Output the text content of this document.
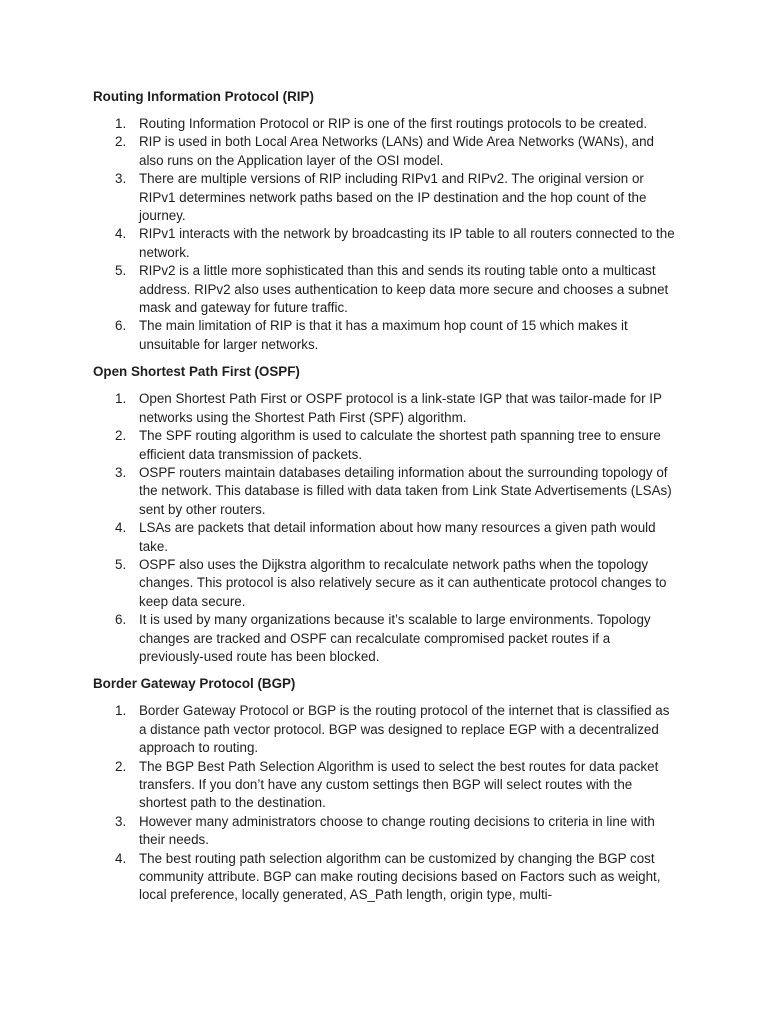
Routing Information Protocol (RIP)
1. Routing Information Protocol or RIP is one of the first routings protocols to be created.
2. RIP is used in both Local Area Networks (LANs) and Wide Area Networks (WANs), and also runs on the Application layer of the OSI model.
3. There are multiple versions of RIP including RIPv1 and RIPv2. The original version or RIPv1 determines network paths based on the IP destination and the hop count of the journey.
4. RIPv1 interacts with the network by broadcasting its IP table to all routers connected to the network.
5. RIPv2 is a little more sophisticated than this and sends its routing table onto a multicast address. RIPv2 also uses authentication to keep data more secure and chooses a subnet mask and gateway for future traffic.
6. The main limitation of RIP is that it has a maximum hop count of 15 which makes it unsuitable for larger networks.
Open Shortest Path First (OSPF)
1. Open Shortest Path First or OSPF protocol is a link-state IGP that was tailor-made for IP networks using the Shortest Path First (SPF) algorithm.
2. The SPF routing algorithm is used to calculate the shortest path spanning tree to ensure efficient data transmission of packets.
3. OSPF routers maintain databases detailing information about the surrounding topology of the network. This database is filled with data taken from Link State Advertisements (LSAs) sent by other routers.
4. LSAs are packets that detail information about how many resources a given path would take.
5. OSPF also uses the Dijkstra algorithm to recalculate network paths when the topology changes. This protocol is also relatively secure as it can authenticate protocol changes to keep data secure.
6. It is used by many organizations because it’s scalable to large environments. Topology changes are tracked and OSPF can recalculate compromised packet routes if a previously-used route has been blocked.
Border Gateway Protocol (BGP)
1. Border Gateway Protocol or BGP is the routing protocol of the internet that is classified as a distance path vector protocol. BGP was designed to replace EGP with a decentralized approach to routing.
2. The BGP Best Path Selection Algorithm is used to select the best routes for data packet transfers. If you don’t have any custom settings then BGP will select routes with the shortest path to the destination.
3. However many administrators choose to change routing decisions to criteria in line with their needs.
4. The best routing path selection algorithm can be customized by changing the BGP cost community attribute. BGP can make routing decisions based on Factors such as weight, local preference, locally generated, AS_Path length, origin type, multi-
